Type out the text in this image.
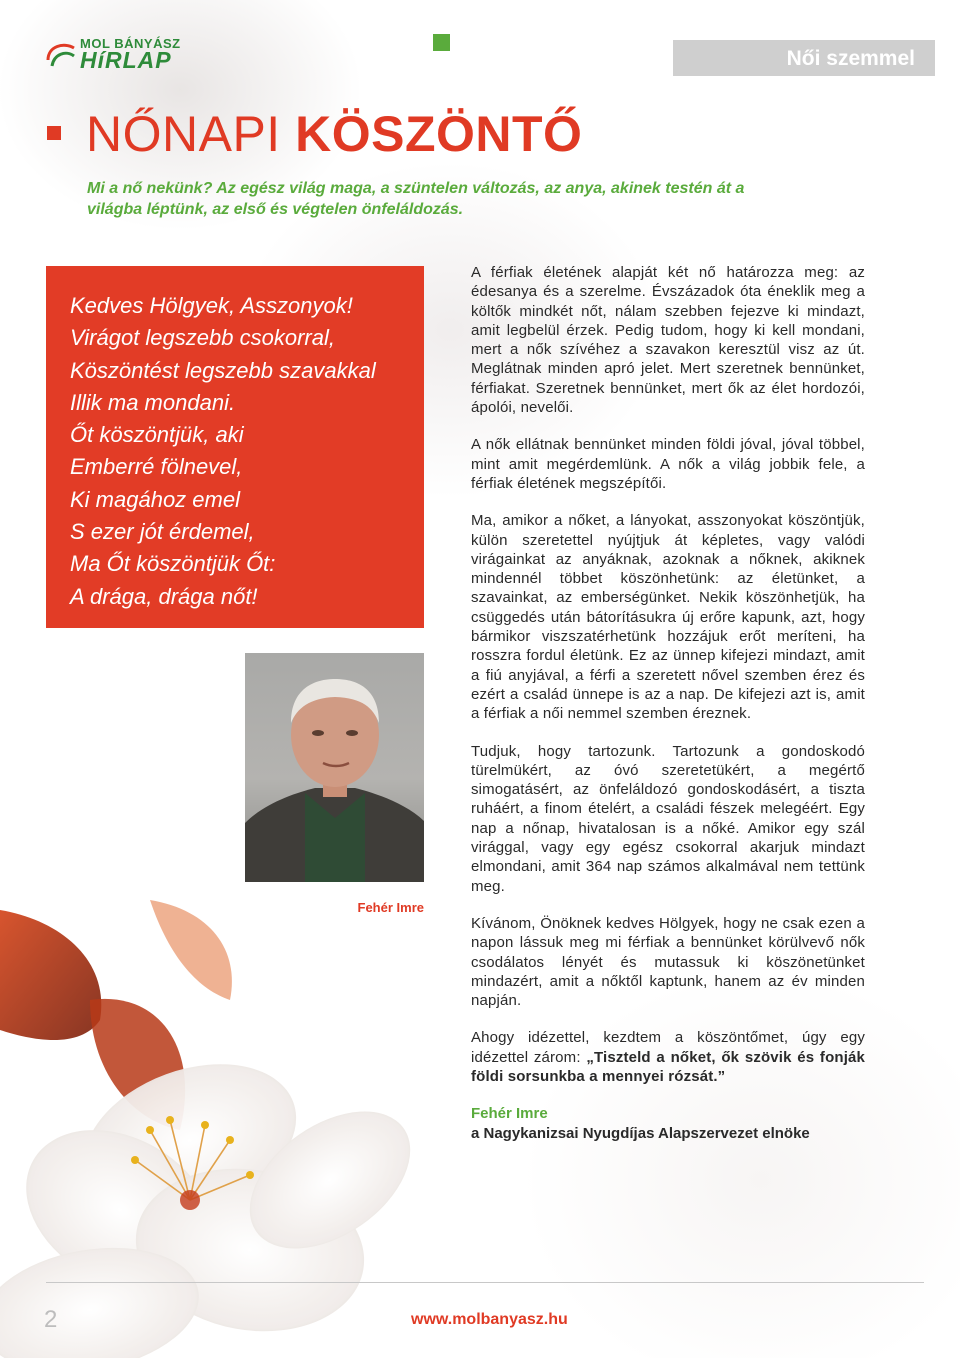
MOL BÁNYÁSZ
HíRLAP	Női szemmel
NŐNAPI KÖSZÖNTŐ
Mi a nő nekünk? Az egész világ maga, a szüntelen változás, az anya, akinek testén át a világba léptünk, az első és végtelen önfeláldozás.
Kedves Hölgyek, Asszonyok!
Virágot legszebb csokorral,
Köszöntést legszebb szavakkal
Illik ma mondani.
Őt köszöntjük, aki
Emberré fölnevel,
Ki magához emel
S ezer jót érdemel,
Ma Őt köszöntjük Őt:
A drága, drága nőt!
Fehér Imre

A férfiak életének alapját két nő határozza meg: az édesanya és a szerelme. Évszázadok óta éneklik meg a költők mindkét nőt, nálam szebben fejezve ki mindazt, amit legbelül érzek. Pedig tudom, hogy ki kell mondani, mert a nők szívéhez a szavakon keresztül visz az út. Meglátnak minden apró jelet. Mert szeretnek bennünket, férfiakat. Szeretnek bennünket, mert ők az élet hordozói, ápolói, nevelői.

A nők ellátnak bennünket minden földi jóval, jóval többel, mint amit megérdemlünk. A nők a világ jobbik fele, a férfiak életének megszépítői.

Ma, amikor a nőket, a lányokat, asszonyokat köszöntjük, külön szeretettel nyújtjuk át képletes, vagy valódi virágainkat az anyáknak, azoknak a nőknek, akiknek mindennél többet köszönhetünk: az életünket, a szavainkat, az emberségünket. Nekik köszönhetjük, ha csüggedés után bátorításukra új erőre kapunk, azt, hogy bármikor viszszatérhetünk hozzájuk erőt meríteni, ha rosszra fordul életünk. Ez az ünnep kifejezi mindazt, amit a fiú anyjával, a férfi a szeretett nővel szemben érez és ezért a család ünnepe is az a nap. De kifejezi azt is, amit a férfiak a női nemmel szemben éreznek.

Tudjuk, hogy tartozunk. Tartozunk a gondoskodó türelmükért, az óvó szeretetükért, a megértő simogatásért, az önfeláldozó gondoskodásért, a tiszta ruháért, a finom ételért, a családi fészek melegéért. Egy nap a nőnap, hivatalosan is a nőké. Amikor egy szál virággal, vagy egy egész csokorral akarjuk mindazt elmondani, amit 364 nap számos alkalmával nem tettünk meg.

Kívánom, Önöknek kedves Hölgyek, hogy ne csak ezen a napon lássuk meg mi férfiak a bennünket körülvevő nők csodálatos lényét és mutassuk ki köszönetünket mindazért, amit a nőktől kaptunk, hanem az év minden napján.

Ahogy idézettel, kezdtem a köszöntőmet, úgy egy idézettel zárom: „Tiszteld a nőket, ők szövik és fonják földi sorsunkba a mennyei rózsát.”

Fehér Imre
a Nagykanizsai Nyugdíjas Alapszervezet elnöke
2	www.molbanyasz.hu
